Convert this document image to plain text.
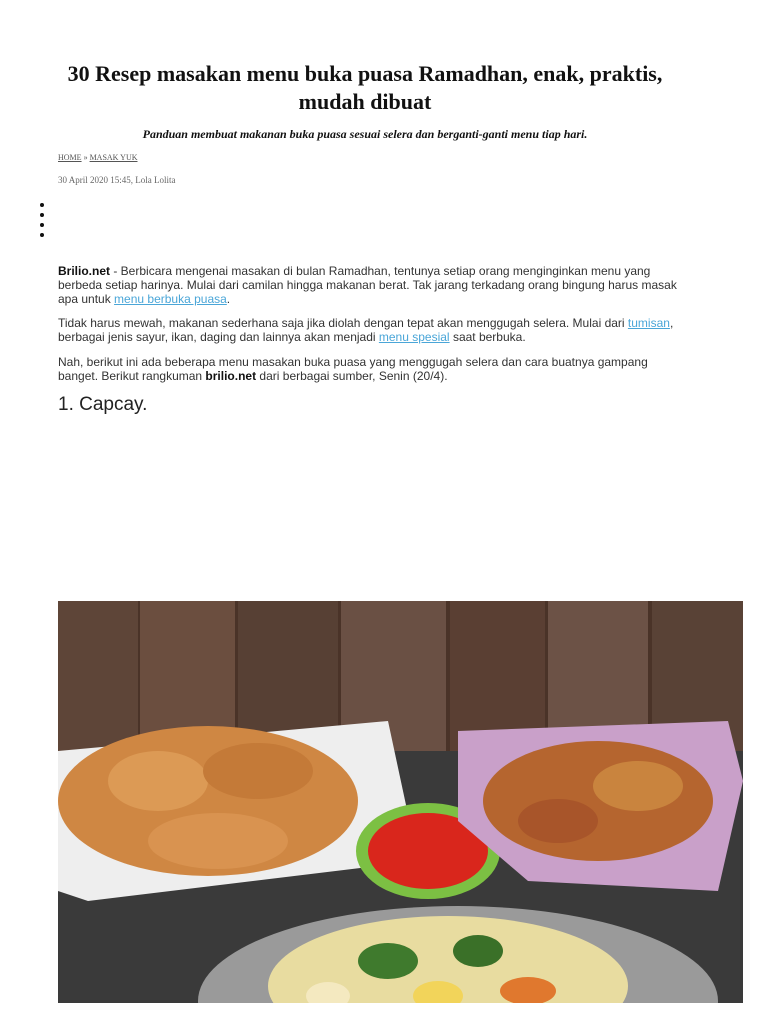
30 Resep masakan menu buka puasa Ramadhan, enak, praktis, mudah dibuat

Panduan membuat makanan buka puasa sesuai selera dan berganti-ganti menu tiap hari.

HOME » MASAK YUK
30 April 2020 15:45, Lola Lolita

Brilio.net - Berbicara mengenai masakan di bulan Ramadhan, tentunya setiap orang menginginkan menu yang berbeda setiap harinya. Mulai dari camilan hingga makanan berat. Tak jarang terkadang orang bingung harus masak apa untuk menu berbuka puasa.

Tidak harus mewah, makanan sederhana saja jika diolah dengan tepat akan menggugah selera. Mulai dari tumisan, berbagai jenis sayur, ikan, daging dan lainnya akan menjadi menu spesial saat berbuka.

Nah, berikut ini ada beberapa menu masakan buka puasa yang menggugah selera dan cara buatnya gampang banget. Berikut rangkuman brilio.net dari berbagai sumber, Senin (20/4).

1. Capcay.
